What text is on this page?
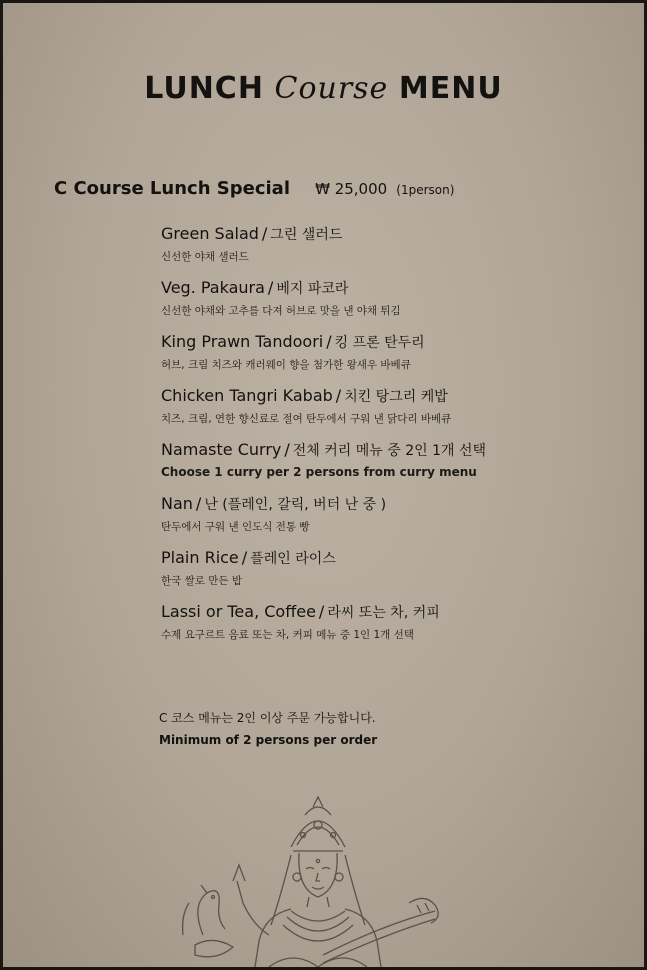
LUNCH Course MENU
C Course Lunch Special ₩ 25,000 (1person)
Green Salad / 그린 샐러드
신선한 야채 샐러드
Veg. Pakaura / 베지 파코라
신선한 야채와 고추를 다져 허브로 맛을 낸 야채 튀김
King Prawn Tandoori / 킹 프론 탄두리
허브, 크림 치즈와 캐러웨이 향을 첨가한 왕새우 바베큐
Chicken Tangri Kabab / 치킨 탕그리 케밥
치즈, 크림, 연한 향신료로 절여 탄두에서 구워 낸 닭다리 바베큐
Namaste Curry / 전체 커리 메뉴 중 2인 1개 선택
Choose 1 curry per 2 persons from curry menu
Nan / 난 (플레인, 갈릭, 버터 난 중 )
탄두에서 구워 낸 인도식 전통 빵
Plain Rice / 플레인 라이스
한국 쌀로 만든 밥
Lassi or Tea, Coffee / 라씨 또는 차, 커피
수제 요구르트 음료 또는 차, 커피 메뉴 중 1인 1개 선택
C 코스 메뉴는 2인 이상 주문 가능합니다.
Minimum of 2 persons per order
